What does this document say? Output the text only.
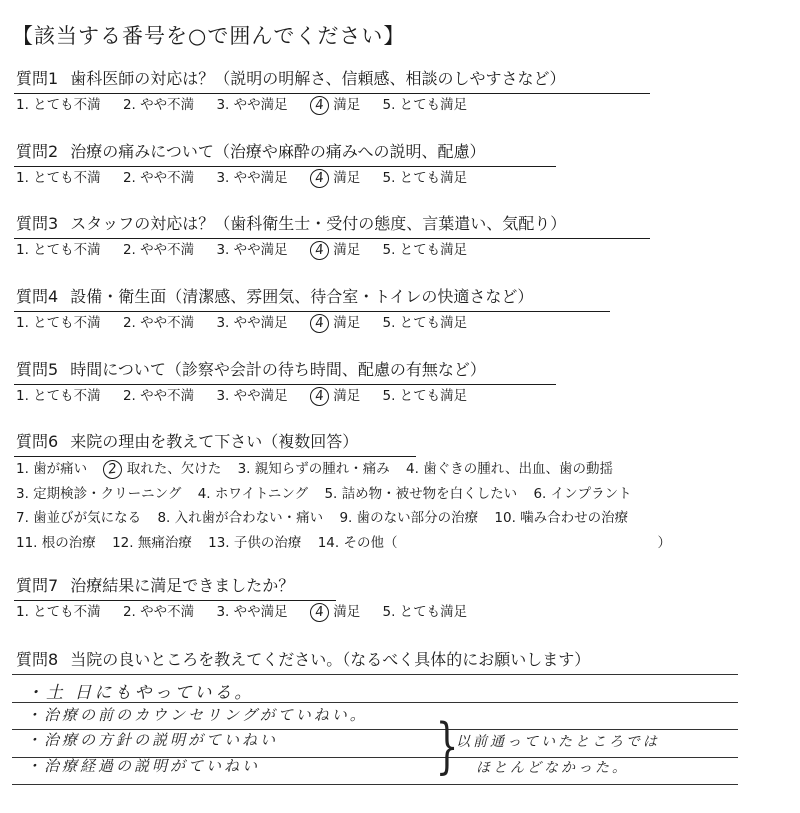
【該当する番号を○で囲んでください】
質問1 歯科医師の対応は？（説明の明解さ、信頼感、相談のしやすさなど）
1. とても不満 2. やや不満 3. やや満足 4 満足 5. とても満足
質問2 治療の痛みについて（治療や麻酔の痛みへの説明、配慮）
1. とても不満 2. やや不満 3. やや満足 4 満足 5. とても満足
質問3 スタッフの対応は？（歯科衛生士・受付の態度、言葉遣い、気配り）
1. とても不満 2. やや不満 3. やや満足 4 満足 5. とても満足
質問4 設備・衛生面（清潔感、雰囲気、待合室・トイレの快適さなど）
1. とても不満 2. やや不満 3. やや満足 4 満足 5. とても満足
質問5 時間について（診察や会計の待ち時間、配慮の有無など）
1. とても不満 2. やや不満 3. やや満足 4 満足 5. とても満足
質問6 来院の理由を教えて下さい（複数回答）
1. 歯が痛い 2 取れた、欠けた 3. 親知らずの腫れ・痛み 4. 歯ぐきの腫れ、出血、歯の動揺
3. 定期検診・クリーニング 4. ホワイトニング 5. 詰め物・被せ物を白くしたい 6. インプラント
7. 歯並びが気になる 8. 入れ歯が合わない・痛い 9. 歯のない部分の治療 10. 噛み合わせの治療
11. 根の治療 12. 無痛治療 13. 子供の治療 14. その他（	）
質問7 治療結果に満足できましたか？
1. とても不満 2. やや不満 3. やや満足 4 満足 5. とても満足
質問8 当院の良いところを教えてください。（なるべく具体的にお願いします）
・土 日にもやっている。
・治療の前のカウンセリングがていねい。
・治療の方針の説明がていねい
・治療経過の説明がていねい	}
以前通っていたところでは
ほとんどなかった。
